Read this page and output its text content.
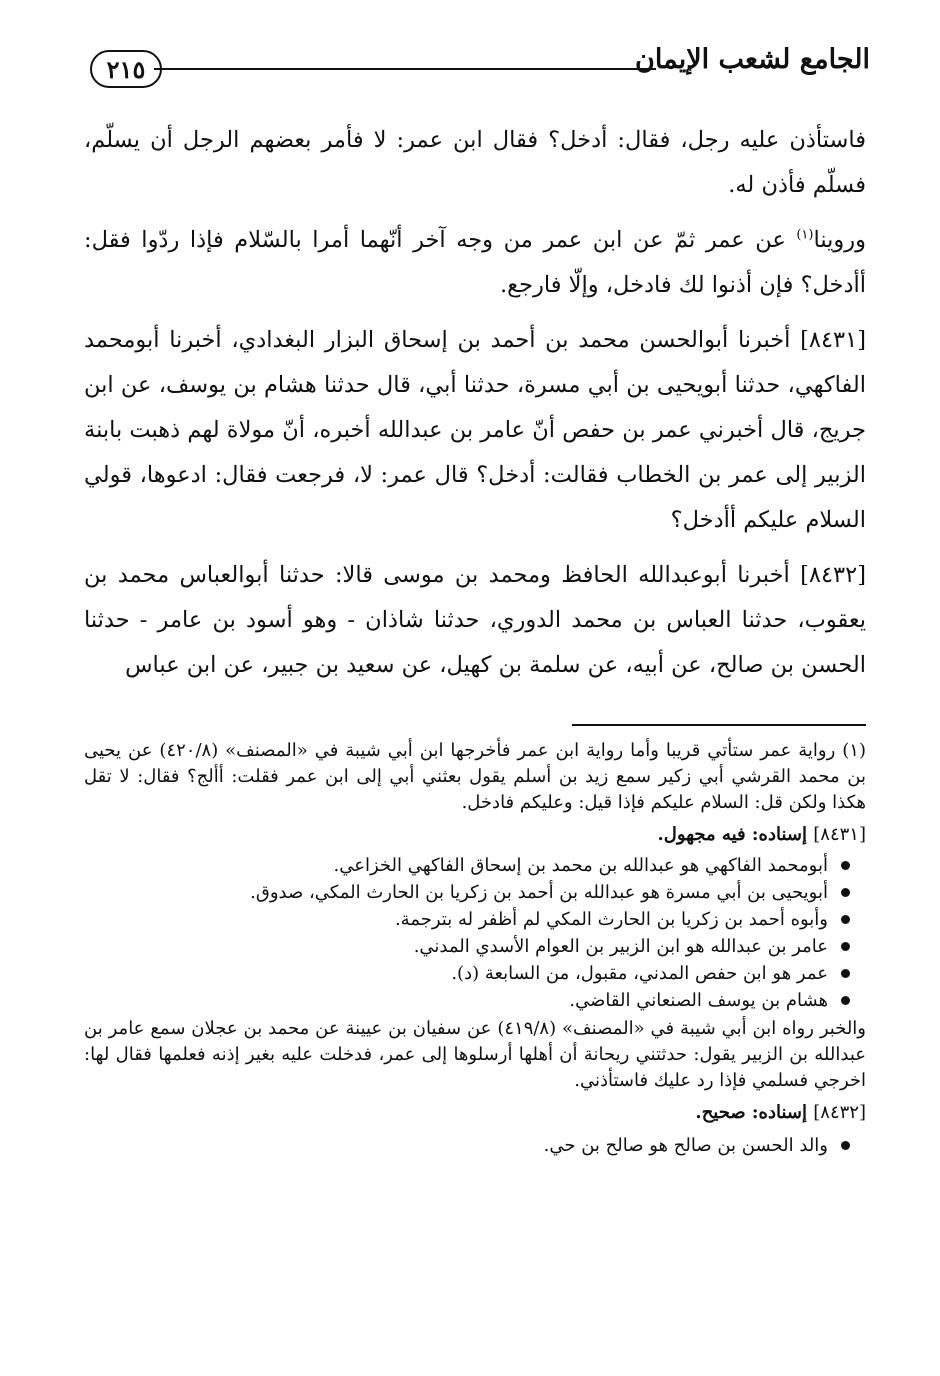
الجامع لشعب الإيمان
٢١٥

فاستأذن عليه رجل، فقال: أدخل؟ فقال ابن عمر: لا فأمر بعضهم الرجل أن يسلّم، فسلّم فأذن له.

وروينا$^{(١)}$ عن عمر ثمّ عن ابن عمر من وجه آخر أنّهما أمرا بالسّلام فإذا ردّوا فقل: أأدخل؟ فإن أذنوا لك فادخل، وإلّا فارجع.

[٨٤٣١] أخبرنا أبوالحسن محمد بن أحمد بن إسحاق البزار البغدادي، أخبرنا أبومحمد الفاكهي، حدثنا أبويحيى بن أبي مسرة، حدثنا أبي، قال حدثنا هشام بن يوسف، عن ابن جريج، قال أخبرني عمر بن حفص أنّ عامر بن عبدالله أخبره، أنّ مولاة لهم ذهبت بابنة الزبير إلى عمر بن الخطاب فقالت: أدخل؟ قال عمر: لا، فرجعت فقال: ادعوها، قولي السلام عليكم أأدخل؟

[٨٤٣٢] أخبرنا أبوعبدالله الحافظ ومحمد بن موسى قالا: حدثنا أبوالعباس محمد بن يعقوب، حدثنا العباس بن محمد الدوري، حدثنا شاذان - وهو أسود بن عامر - حدثنا الحسن بن صالح، عن أبيه، عن سلمة بن كهيل، عن سعيد بن جبير، عن ابن عباس

(١) رواية عمر ستأتي قريبا وأما رواية ابن عمر فأخرجها ابن أبي شيبة في «المصنف» (٤٢٠/٨) عن يحيى بن محمد القرشي أبي زكير سمع زيد بن أسلم يقول بعثني أبي إلى ابن عمر فقلت: أألج؟ فقال: لا تقل هكذا ولكن قل: السلام عليكم فإذا قيل: وعليكم فادخل.

[٨٤٣١] إسناده: فيه مجهول.

أبومحمد الفاكهي هو عبدالله بن محمد بن إسحاق الفاكهي الخزاعي.
أبويحيى بن أبي مسرة هو عبدالله بن أحمد بن زكريا بن الحارث المكي، صدوق.
وأبوه أحمد بن زكريا بن الحارث المكي لم أظفر له بترجمة.
عامر بن عبدالله هو ابن الزبير بن العوام الأسدي المدني.
عمر هو ابن حفص المدني، مقبول، من السابعة (د).
هشام بن يوسف الصنعاني القاضي.

والخبر رواه ابن أبي شيبة في «المصنف» (٤١٩/٨) عن سفيان بن عيينة عن محمد بن عجلان سمع عامر بن عبدالله بن الزبير يقول: حدثتني ريحانة أن أهلها أرسلوها إلى عمر، فدخلت عليه بغير إذنه فعلمها فقال لها: اخرجي فسلمي فإذا رد عليك فاستأذني.

[٨٤٣٢] إسناده: صحيح.

والد الحسن بن صالح هو صالح بن حي.
